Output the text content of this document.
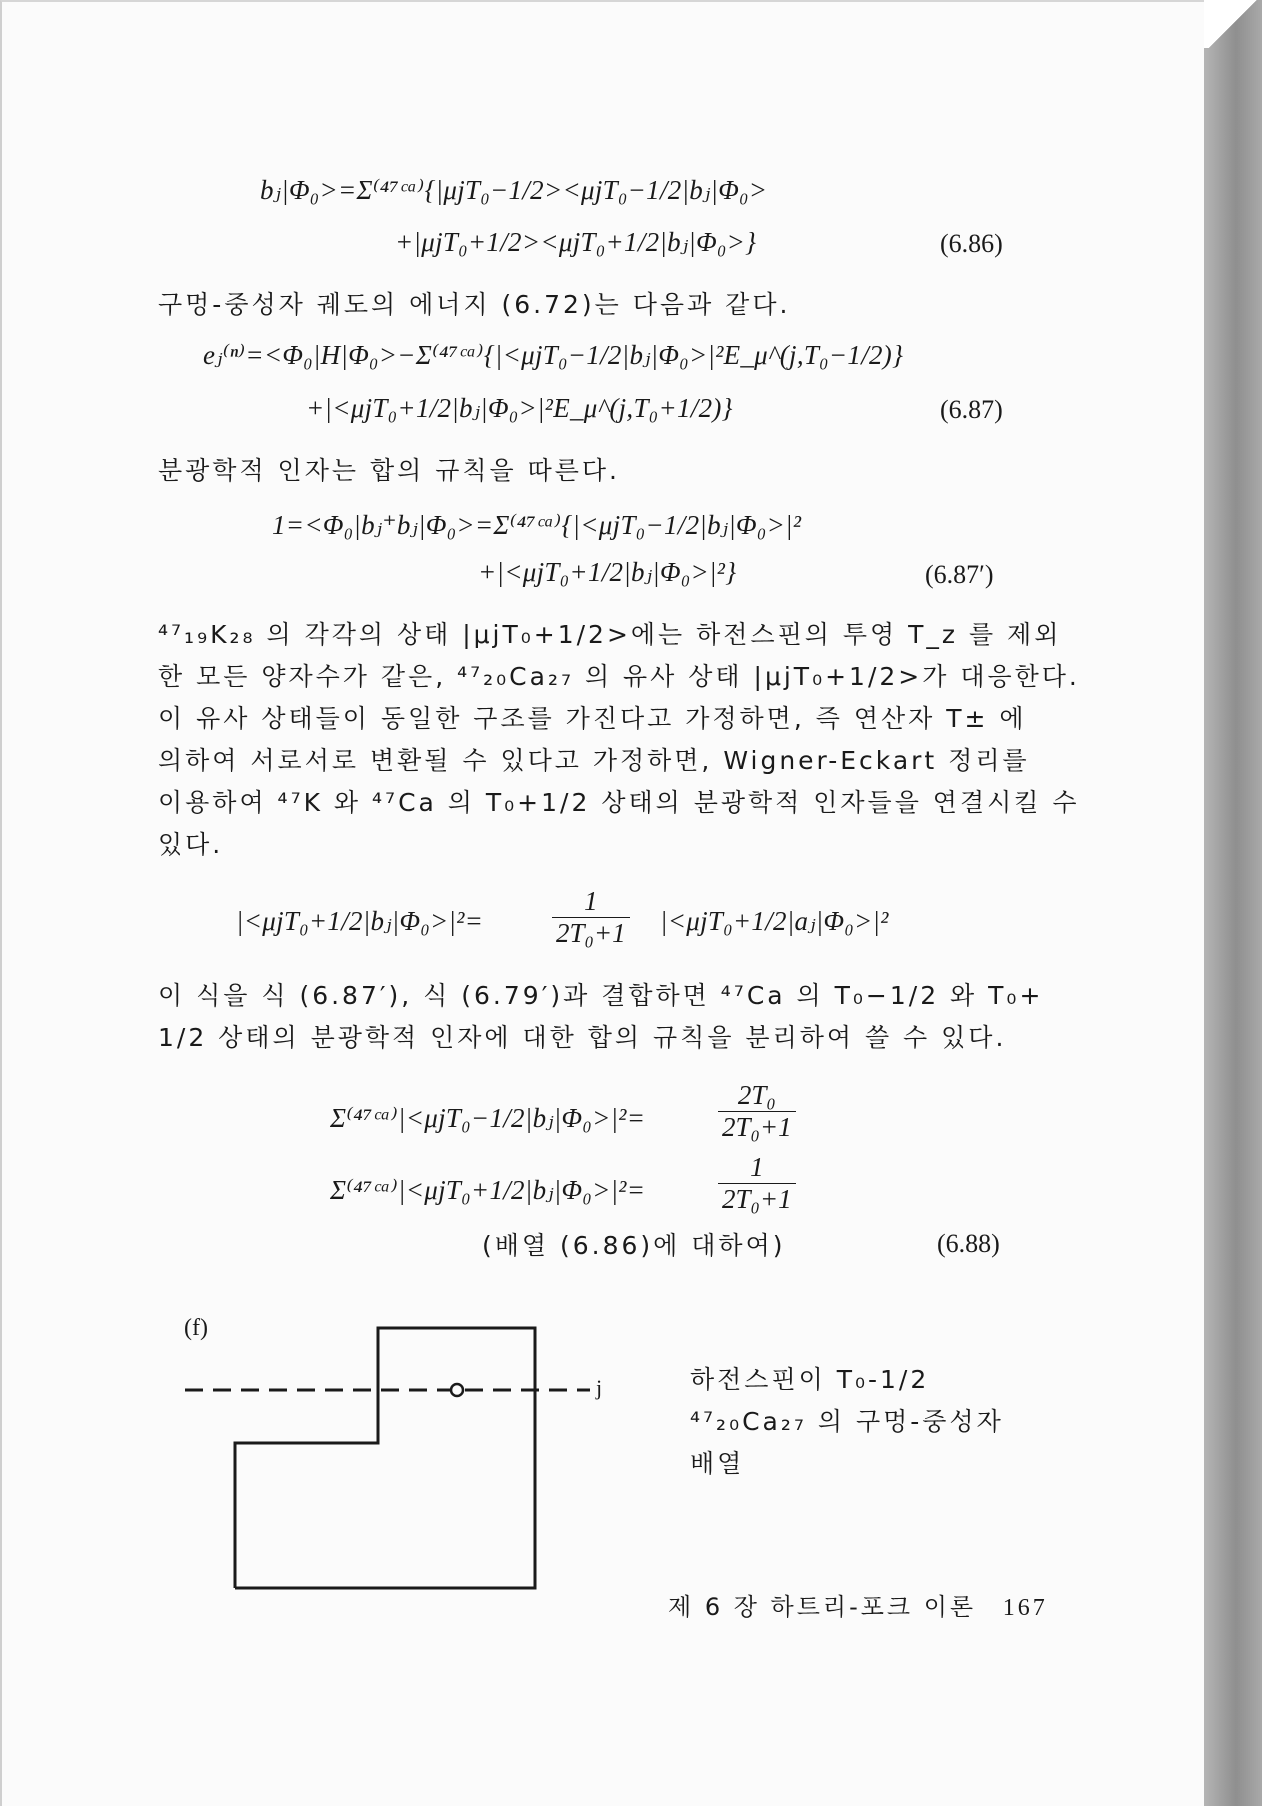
bⱼ|Φ₀>=Σ⁽⁴⁷ᶜᵃ⁾{|μjT₀−1/2><μjT₀−1/2|bⱼ|Φ₀>
+|μjT₀+1/2><μjT₀+1/2|bⱼ|Φ₀>}	(6.86)
구멍-중성자 궤도의 에너지 (6.72)는 다음과 같다.
eⱼ⁽ⁿ⁾=<Φ₀|H|Φ₀>−Σ⁽⁴⁷ᶜᵃ⁾{|<μjT₀−1/2|bⱼ|Φ₀>|²E_μ^(j,T₀−1/2)}
+|<μjT₀+1/2|bⱼ|Φ₀>|²E_μ^(j,T₀+1/2)}	(6.87)
분광학적 인자는 합의 규칙을 따른다.
1=<Φ₀|bⱼ⁺bⱼ|Φ₀>=Σ⁽⁴⁷ᶜᵃ⁾{|<μjT₀−1/2|bⱼ|Φ₀>|²
+|<μjT₀+1/2|bⱼ|Φ₀>|²}	(6.87′)
⁴⁷₁₉K₂₈ 의 각각의 상태 |μjT₀+1/2>에는 하전스핀의 투영 T_z 를 제외
한 모든 양자수가 같은, ⁴⁷₂₀Ca₂₇ 의 유사 상태 |μjT₀+1/2>가 대응한다.
이 유사 상태들이 동일한 구조를 가진다고 가정하면, 즉 연산자 T± 에
의하여 서로서로 변환될 수 있다고 가정하면, Wigner-Eckart 정리를
이용하여 ⁴⁷K 와 ⁴⁷Ca 의 T₀+1/2 상태의 분광학적 인자들을 연결시킬 수
있다.
|<μjT₀+1/2|bⱼ|Φ₀>|²=	$\frac{1}{\text{2T₀+1}}$ |<μjT₀+1/2|aⱼ|Φ₀>|²
이 식을 식 (6.87′), 식 (6.79′)과 결합하면 ⁴⁷Ca 의 T₀−1/2 와 T₀+
1/2 상태의 분광학적 인자에 대한 합의 규칙을 분리하여 쓸 수 있다.
Σ⁽⁴⁷ᶜᵃ⁾|<μjT₀−1/2|bⱼ|Φ₀>|²=	$\frac{\text{2T₀}}{\text{2T₀+1}}$
Σ⁽⁴⁷ᶜᵃ⁾|<μjT₀+1/2|bⱼ|Φ₀>|²=	$\frac{1}{\text{2T₀+1}}$
(배열 (6.86)에 대하여)	(6.88)
(f)
j	하전스핀이 T₀-1/2
⁴⁷₂₀Ca₂₇ 의 구멍-중성자
배열
제 6 장 하트리-포크 이론 167
